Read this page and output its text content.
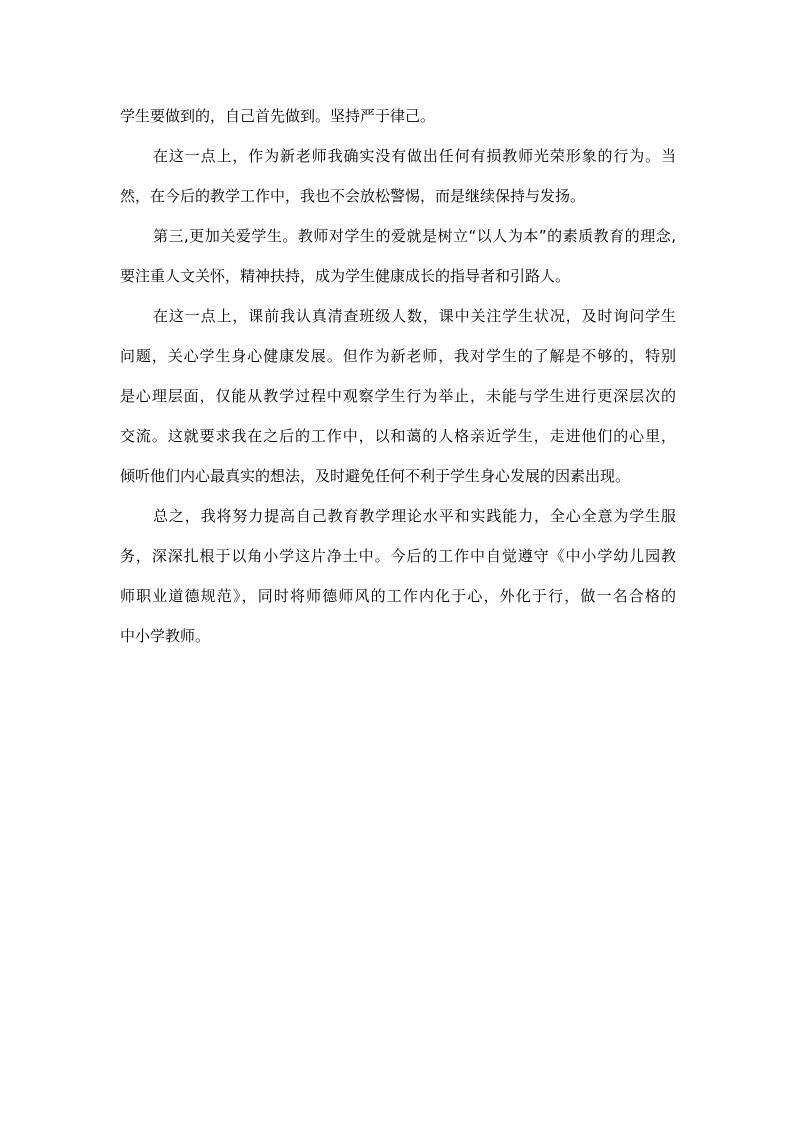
学生要做到的，自己首先做到。坚持严于律己。
在这一点上，作为新老师我确实没有做出任何有损教师光荣形象的行为。当
然，在今后的教学工作中，我也不会放松警惕，而是继续保持与发扬。
第三,更加关爱学生。教师对学生的爱就是树立“以人为本”的素质教育的理念,
要注重人文关怀，精神扶持，成为学生健康成长的指导者和引路人。
在这一点上，课前我认真清查班级人数，课中关注学生状况，及时询问学生
问题，关心学生身心健康发展。但作为新老师，我对学生的了解是不够的，特别
是心理层面，仅能从教学过程中观察学生行为举止，未能与学生进行更深层次的
交流。这就要求我在之后的工作中，以和蔼的人格亲近学生，走进他们的心里，
倾听他们内心最真实的想法，及时避免任何不利于学生身心发展的因素出现。
总之，我将努力提高自己教育教学理论水平和实践能力，全心全意为学生服
务，深深扎根于以角小学这片净土中。今后的工作中自觉遵守《中小学幼儿园教
师职业道德规范》，同时将师德师风的工作内化于心，外化于行，做一名合格的
中小学教师。
